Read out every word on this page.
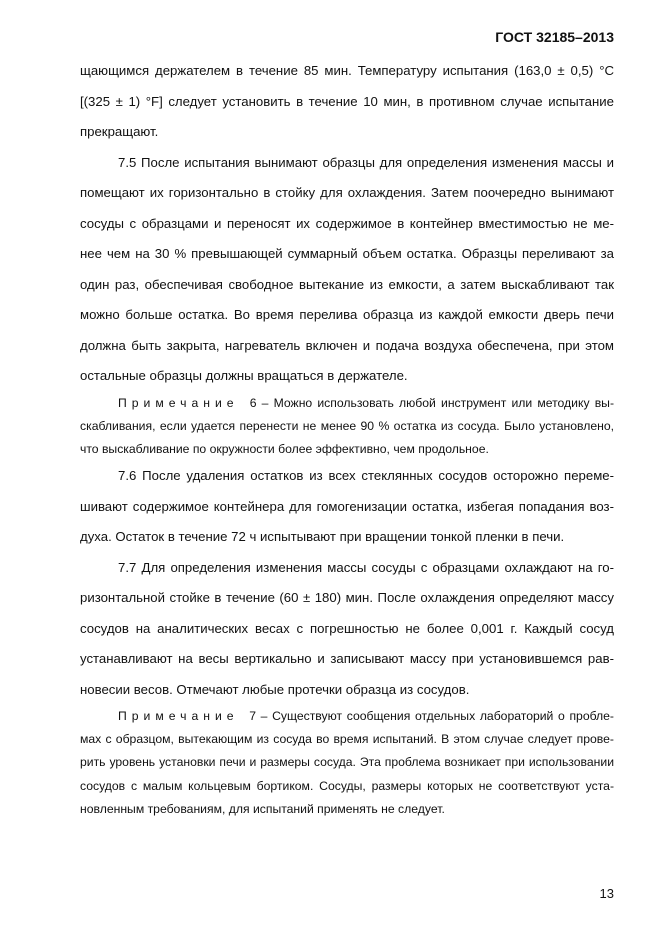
ГОСТ 32185–2013
щающимся держателем в течение 85 мин. Температуру испытания (163,0 ± 0,5) °С
[(325 ± 1) °F] следует установить в течение 10 мин, в противном случае испытание
прекращают.
7.5 После испытания вынимают образцы для определения изменения массы и
помещают их горизонтально в стойку для охлаждения. Затем поочередно вынимают
сосуды с образцами и переносят их содержимое в контейнер вместимостью не ме-
нее чем на 30 % превышающей суммарный объем остатка. Образцы переливают за
один раз, обеспечивая свободное вытекание из емкости, а затем выскабливают так
можно больше остатка. Во время перелива образца из каждой емкости дверь печи
должна быть закрыта, нагреватель включен и подача воздуха обеспечена, при этом
остальные образцы должны вращаться в держателе.
Примечание 6 – Можно использовать любой инструмент или методику вы-
скабливания, если удается перенести не менее 90 % остатка из сосуда. Было установлено,
что выскабливание по окружности более эффективно, чем продольное.
7.6 После удаления остатков из всех стеклянных сосудов осторожно переме-
шивают содержимое контейнера для гомогенизации остатка, избегая попадания воз-
духа. Остаток в течение 72 ч испытывают при вращении тонкой пленки в печи.
7.7 Для определения изменения массы сосуды с образцами охлаждают на го-
ризонтальной стойке в течение (60 ± 180) мин. После охлаждения определяют массу
сосудов на аналитических весах с погрешностью не более 0,001 г. Каждый сосуд
устанавливают на весы вертикально и записывают массу при установившемся рав-
новесии весов. Отмечают любые протечки образца из сосудов.
Примечание 7 – Существуют сообщения отдельных лабораторий о пробле-
мах с образцом, вытекающим из сосуда во время испытаний. В этом случае следует прове-
рить уровень установки печи и размеры сосуда. Эта проблема возникает при использовании
сосудов с малым кольцевым бортиком. Сосуды, размеры которых не соответствуют уста-
новленным требованиям, для испытаний применять не следует.
13
